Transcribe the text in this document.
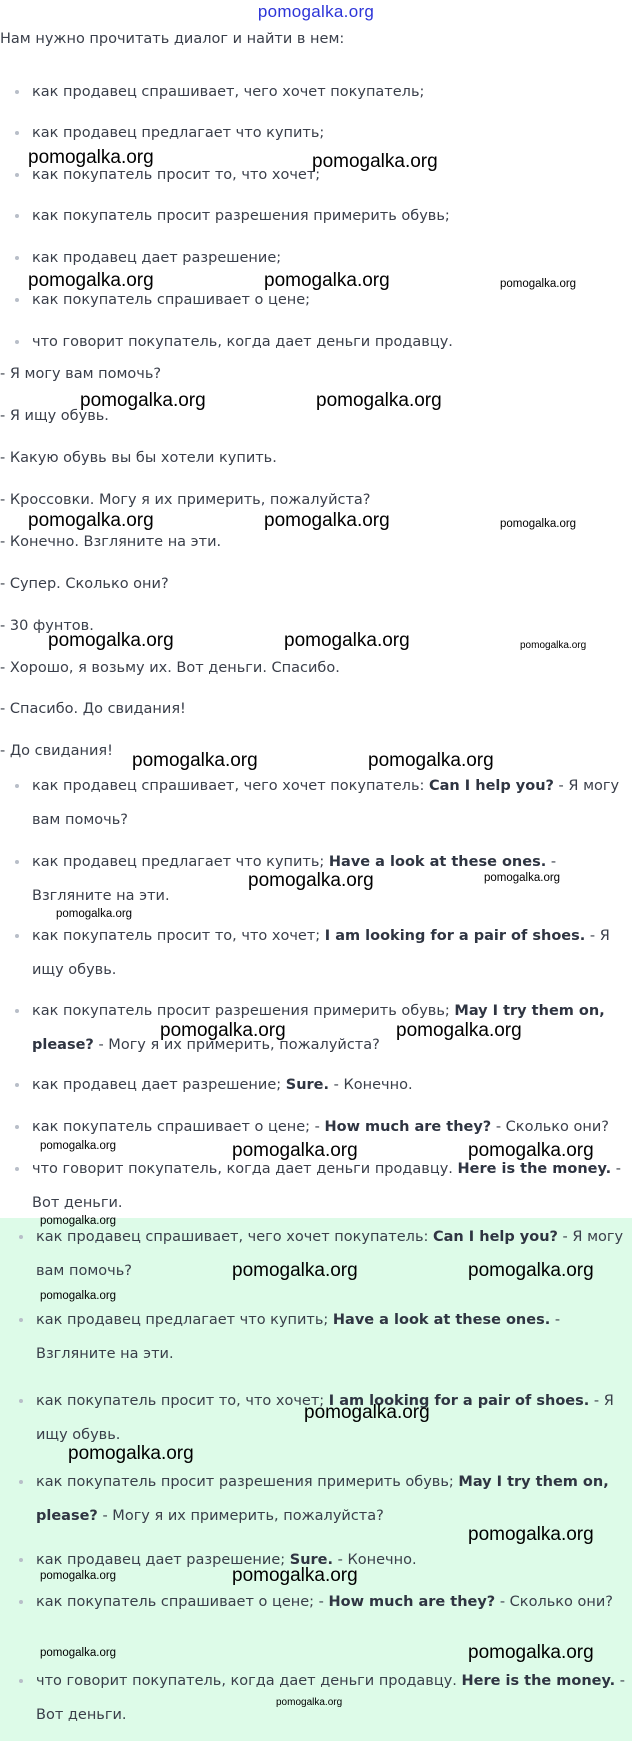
pomogalka.org
Нам нужно прочитать диалог и найти в нем:
как продавец спрашивает, чего хочет покупатель;
как продавец предлагает что купить;
как покупатель просит то, что хочет;
как покупатель просит разрешения примерить обувь;
как продавец дает разрешение;
как покупатель спрашивает о цене;
что говорит покупатель, когда дает деньги продавцу.
- Я могу вам помочь?
- Я ищу обувь.
- Какую обувь вы бы хотели купить.
- Кроссовки. Могу я их примерить, пожалуйста?
- Конечно. Взгляните на эти.
- Супер. Сколько они?
- 30 фунтов.
- Хорошо, я возьму их. Вот деньги. Спасибо.
- Спасибо. До свидания!
- До свидания!
как продавец спрашивает, чего хочет покупатель: Can I help you? - Я могу вам помочь?
как продавец предлагает что купить; Have a look at these ones. - Взгляните на эти.
как покупатель просит то, что хочет; I am looking for a pair of shoes. - Я ищу обувь.
как покупатель просит разрешения примерить обувь; May I try them on, please? - Могу я их примерить, пожалуйста?
как продавец дает разрешение; Sure. - Конечно.
как покупатель спрашивает о цене; - How much are they? - Сколько они?
что говорит покупатель, когда дает деньги продавцу. Here is the money. - Вот деньги.
как продавец спрашивает, чего хочет покупатель: Can I help you? - Я могу вам помочь?
как продавец предлагает что купить; Have a look at these ones. - Взгляните на эти.
как покупатель просит то, что хочет; I am looking for a pair of shoes. - Я ищу обувь.
как покупатель просит разрешения примерить обувь; May I try them on, please? - Могу я их примерить, пожалуйста?
как продавец дает разрешение; Sure. - Конечно.
как покупатель спрашивает о цене; - How much are they? - Сколько они?
что говорит покупатель, когда дает деньги продавцу. Here is the money. - Вот деньги.
pomogalka.org	pomogalka.org
pomogalka.org	pomogalka.org	pomogalka.org
pomogalka.org	pomogalka.org
pomogalka.org	pomogalka.org	pomogalka.org
pomogalka.org	pomogalka.org	pomogalka.org
pomogalka.org	pomogalka.org
pomogalka.org	pomogalka.org
pomogalka.org
pomogalka.org	pomogalka.org
pomogalka.org	pomogalka.org	pomogalka.org
pomogalka.org
pomogalka.org	pomogalka.org
pomogalka.org
pomogalka.org
pomogalka.org
pomogalka.org
pomogalka.org	pomogalka.org
pomogalka.org	pomogalka.org
pomogalka.org
